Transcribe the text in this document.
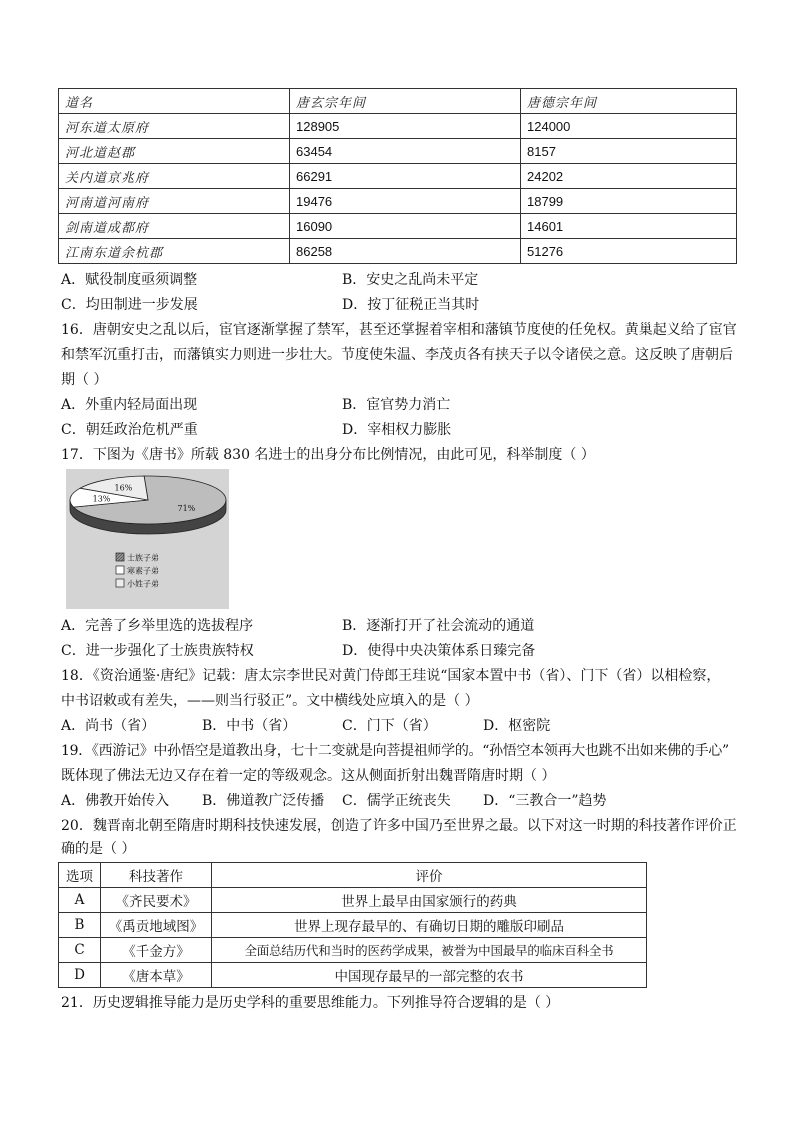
道名	唐玄宗年间	唐德宗年间
河东道太原府	128905	124000
河北道赵郡	63454	8157
关内道京兆府	66291	24202
河南道河南府	19476	18799
剑南道成都府	16090	14601
江南东道余杭郡	86258	51276
A．赋役制度亟须调整	B．安史之乱尚未平定
C．均田制进一步发展	D．按丁征税正当其时
16．唐朝安史之乱以后，宦官逐渐掌握了禁军，甚至还掌握着宰相和藩镇节度使的任免权。黄巢起义给了宦官
和禁军沉重打击，而藩镇实力则进一步壮大。节度使朱温、李茂贞各有挟天子以令诸侯之意。这反映了唐朝后
期（ ）
A．外重内轻局面出现	B．宦官势力消亡
C．朝廷政治危机严重	D．宰相权力膨胀
17．下图为《唐书》所载 830 名进士的出身分布比例情况，由此可见，科举制度（ ）
71%
13%
16%
士族子弟
寒素子弟
小姓子弟
A．完善了乡举里选的选拔程序	B．逐渐打开了社会流动的通道
C．进一步强化了士族贵族特权	D．使得中央决策体系日臻完备
18．《资治通鉴·唐纪》记载：唐太宗李世民对黄门侍郎王珪说“国家本置中书（省）、门下（省）以相检察，
中书诏敕或有差失，——则当行驳正”。文中横线处应填入的是（ ）
A．尚书（省）	B．中书（省）	C．门下（省）	D．枢密院
19．《西游记》中孙悟空是道教出身，七十二变就是向菩提祖师学的。“孙悟空本领再大也跳不出如来佛的手心”
既体现了佛法无边又存在着一定的等级观念。这从侧面折射出魏晋隋唐时期（ ）
A．佛教开始传入 B．佛道教广泛传播 C．儒学正统丧失 D．“三教合一”趋势
20．魏晋南北朝至隋唐时期科技快速发展，创造了许多中国乃至世界之最。以下对这一时期的科技著作评价正
确的是（ ）
选项	科技著作	评价
A	《齐民要术》	世界上最早由国家颁行的药典
B	《禹贡地域图》	世界上现存最早的、有确切日期的雕版印刷品
C	《千金方》	全面总结历代和当时的医药学成果，被誉为中国最早的临床百科全书
D	《唐本草》	中国现存最早的一部完整的农书
21．历史逻辑推导能力是历史学科的重要思维能力。下列推导符合逻辑的是（ ）
